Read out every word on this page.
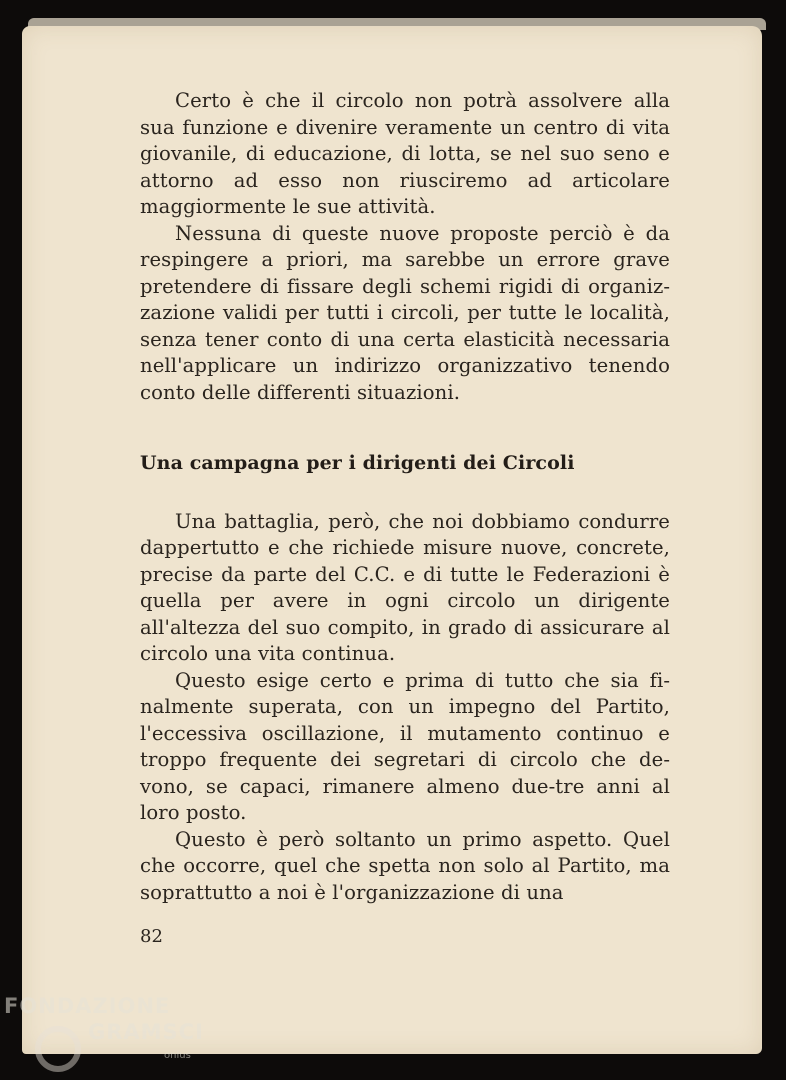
Certo è che il circolo non potrà assolvere alla sua funzione e divenire veramente un centro di vita giovanile, di educazione, di lotta, se nel suo seno e attorno ad esso non riusciremo ad articolare maggiormente le sue attività.

Nessuna di queste nuove proposte perciò è da respingere a priori, ma sarebbe un errore grave pretendere di fissare degli schemi rigidi di organizzazione validi per tutti i circoli, per tutte le località, senza tener conto di una certa elasticità necessaria nell'applicare un indirizzo organizzativo tenendo conto delle differenti situazioni.

Una campagna per i dirigenti dei Circoli

Una battaglia, però, che noi dobbiamo condurre dappertutto e che richiede misure nuove, concrete, precise da parte del C.C. e di tutte le Federazioni è quella per avere in ogni circolo un dirigente all'altezza del suo compito, in grado di assicurare al circolo una vita continua.

Questo esige certo e prima di tutto che sia finalmente superata, con un impegno del Partito, l'eccessiva oscillazione, il mutamento continuo e troppo frequente dei segretari di circolo che devono, se capaci, rimanere almeno due-tre anni al loro posto.

Questo è però soltanto un primo aspetto. Quel che occorre, quel che spetta non solo al Partito, ma soprattutto a noi è l'organizzazione di una

82
FONDAZIONE
GRAMSCI
onlus
